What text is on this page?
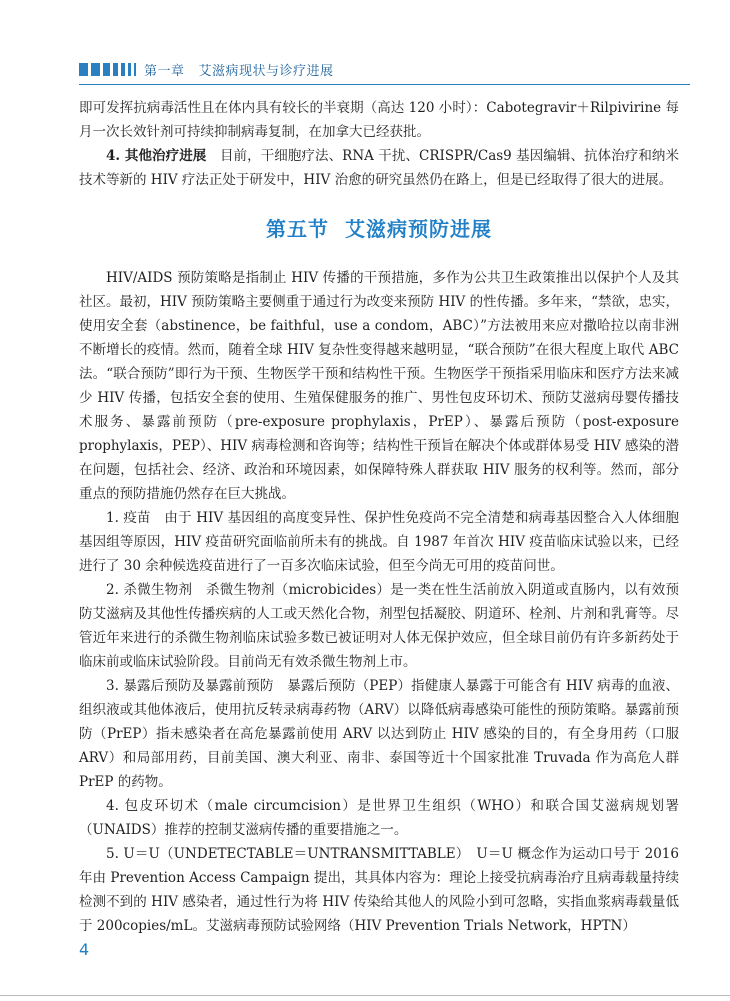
第一章 艾滋病现状与诊疗进展

即可发挥抗病毒活性且在体内具有较长的半衰期（高达 120 小时）：Cabotegravir＋Rilpivirine 每月一次长效针剂可持续抑制病毒复制，在加拿大已经获批。

4. 其他治疗进展　 目前，干细胞疗法、RNA 干扰、CRISPR/Cas9 基因编辑、抗体治疗和纳米技术等新的 HIV 疗法正处于研发中，HIV 治愈的研究虽然仍在路上，但是已经取得了很大的进展。

第五节 艾滋病预防进展

HIV/AIDS 预防策略是指制止 HIV 传播的干预措施，多作为公共卫生政策推出以保护个人及其社区。最初，HIV 预防策略主要侧重于通过行为改变来预防 HIV 的性传播。多年来，“禁欲，忠实，使用安全套（abstinence，be faithful，use a condom，ABC）”方法被用来应对撒哈拉以南非洲不断增长的疫情。然而，随着全球 HIV 复杂性变得越来越明显，“联合预防”在很大程度上取代 ABC 法。“联合预防”即行为干预、生物医学干预和结构性干预。生物医学干预指采用临床和医疗方法来减少 HIV 传播，包括安全套的使用、生殖保健服务的推广、男性包皮环切术、预防艾滋病母婴传播技术服务、暴露前预防（pre-exposure prophylaxis，PrEP）、暴露后预防（post-exposure prophylaxis，PEP）、HIV 病毒检测和咨询等；结构性干预旨在解决个体或群体易受 HIV 感染的潜在问题，包括社会、经济、政治和环境因素，如保障特殊人群获取 HIV 服务的权利等。然而，部分重点的预防措施仍然存在巨大挑战。

1. 疫苗　由于 HIV 基因组的高度变异性、保护性免疫尚不完全清楚和病毒基因整合入人体细胞基因组等原因，HIV 疫苗研究面临前所未有的挑战。自 1987 年首次 HIV 疫苗临床试验以来，已经进行了 30 余种候选疫苗进行了一百多次临床试验，但至今尚无可用的疫苗问世。

2. 杀微生物剂　杀微生物剂（microbicides）是一类在性生活前放入阴道或直肠内，以有效预防艾滋病及其他性传播疾病的人工或天然化合物，剂型包括凝胶、阴道环、栓剂、片剂和乳膏等。尽管近年来进行的杀微生物剂临床试验多数已被证明对人体无保护效应，但全球目前仍有许多新药处于临床前或临床试验阶段。目前尚无有效杀微生物剂上市。

3. 暴露后预防及暴露前预防　暴露后预防（PEP）指健康人暴露于可能含有 HIV 病毒的血液、组织液或其他体液后，使用抗反转录病毒药物（ARV）以降低病毒感染可能性的预防策略。暴露前预防（PrEP）指未感染者在高危暴露前使用 ARV 以达到防止 HIV 感染的目的，有全身用药（口服 ARV）和局部用药，目前美国、澳大利亚、南非、泰国等近十个国家批准 Truvada 作为高危人群 PrEP 的药物。

4. 包皮环切术（male circumcision）是世界卫生组织（WHO）和联合国艾滋病规划署（UNAIDS）推荐的控制艾滋病传播的重要措施之一。

5. U＝U（UNDETECTABLE＝UNTRANSMITTABLE）　U＝U 概念作为运动口号于 2016 年由 Prevention Access Campaign 提出，其具体内容为：理论上接受抗病毒治疗且病毒载量持续检测不到的 HIV 感染者，通过性行为将 HIV 传染给其他人的风险小到可忽略，实指血浆病毒载量低于 200copies/mL。艾滋病毒预防试验网络（HIV Prevention Trials Network，HPTN）

4
